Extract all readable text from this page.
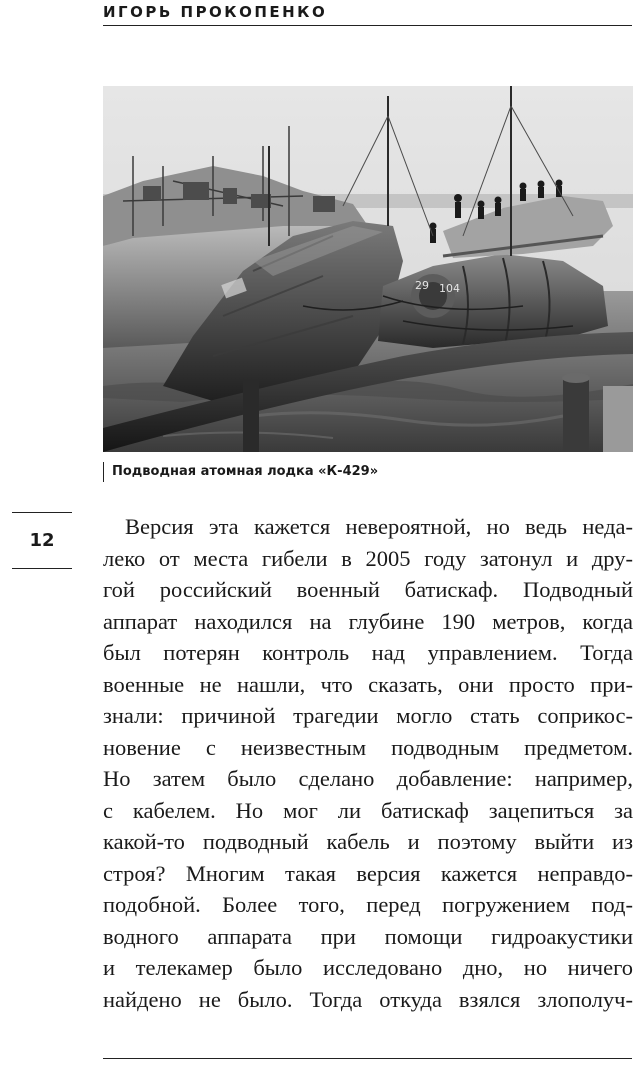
ИГОРЬ ПРОКОПЕНКО
29 104
Подводная атомная лодка «К-429»
12
Версия эта кажется невероятной, но ведь неда-
леко от места гибели в 2005 году затонул и дру-
гой российский военный батискаф. Подводный
аппарат находился на глубине 190 метров, когда
был потерян контроль над управлением. Тогда
военные не нашли, что сказать, они просто при-
знали: причиной трагедии могло стать соприкос-
новение с неизвестным подводным предметом.
Но затем было сделано добавление: например,
с кабелем. Но мог ли батискаф зацепиться за
какой-то подводный кабель и поэтому выйти из
строя? Многим такая версия кажется неправдо-
подобной. Более того, перед погружением под-
водного аппарата при помощи гидроакустики
и телекамер было исследовано дно, но ничего
найдено не было. Тогда откуда взялся злополуч-
